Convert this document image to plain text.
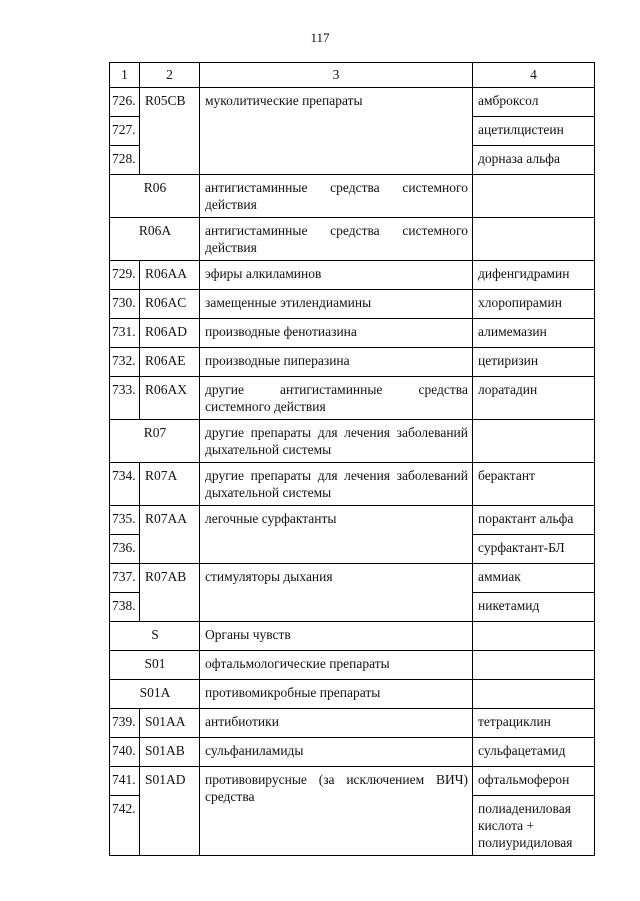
117
1	2	3	4
726.	R05CB	муколитические препараты	амброксол
727.			ацетилцистеин
728.			дорназа альфа
R06		антигистаминные средства системного действия	
R06A		антигистаминные средства системного действия	
729.	R06AA	эфиры алкиламинов	дифенгидрамин
730.	R06AC	замещенные этилендиамины	хлоропирамин
731.	R06AD	производные фенотиазина	алимемазин
732.	R06AE	производные пиперазина	цетиризин
733.	R06AX	другие антигистаминные средства системного действия	лоратадин
R07		другие препараты для лечения заболеваний дыхательной системы	
734.	R07A	другие препараты для лечения заболеваний дыхательной системы	берактант
735.	R07AA	легочные сурфактанты	порактант альфа
736.			сурфактант-БЛ
737.	R07AB	стимуляторы дыхания	аммиак
738.			никетамид
S		Органы чувств	
S01		офтальмологические препараты	
S01A		противомикробные препараты	
739.	S01AA	антибиотики	тетрациклин
740.	S01AB	сульфаниламиды	сульфацетамид
741.	S01AD	противовирусные (за исключением ВИЧ) средства	офтальмоферон
742.			полиадениловая кислота + полиуридиловая
